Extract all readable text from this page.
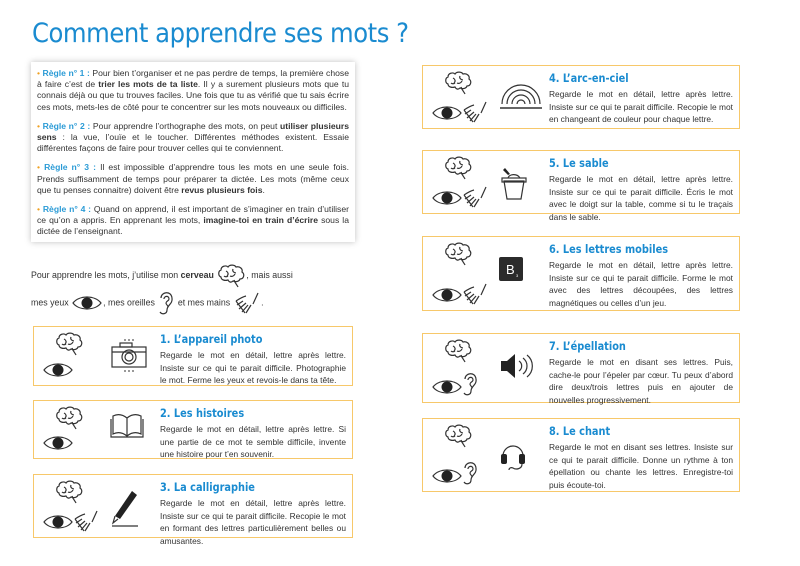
Comment apprendre ses mots ?

• Règle n° 1 : Pour bien t’organiser et ne pas perdre de temps, la première chose à faire c’est de trier les mots de ta liste. Il y a surement plusieurs mots que tu connais déjà ou que tu trouves faciles. Une fois que tu as vérifié que tu sais écrire ces mots, mets-les de côté pour te concentrer sur les mots nouveaux ou difficiles.

• Règle n° 2 : Pour apprendre l’orthographe des mots, on peut utiliser plusieurs sens : la vue, l’ouïe et le toucher. Différentes méthodes existent. Essaie différentes façons de faire pour trouver celles qui te conviennent.

• Règle n° 3 : Il est impossible d’apprendre tous les mots en une seule fois. Prends suffisamment de temps pour préparer ta dictée. Les mots (même ceux que tu penses connaitre) doivent être revus plusieurs fois.

• Règle n° 4 : Quand on apprend, il est important de s’imaginer en train d’utiliser ce qu’on a appris. En apprenant les mots, imagine-toi en train d’écrire sous la dictée de l’enseignant.

Pour apprendre les mots, j’utilise mon cerveau	, mais aussi
mes yeux	, mes oreilles	et mes mains	.
1. L’appareil photo
Regarde le mot en détail, lettre après lettre. Insiste sur ce qui te parait difficile. Photographie le mot. Ferme les yeux et revois-le dans ta tête.
2. Les histoires
Regarde le mot en détail, lettre après lettre. Si une partie de ce mot te semble difficile, invente une histoire pour t’en souvenir.
3. La calligraphie
Regarde le mot en détail, lettre après lettre. Insiste sur ce qui te parait difficile. Recopie le mot en formant des lettres particulièrement belles ou amusantes.
4. L’arc-en-ciel
Regarde le mot en détail, lettre après lettre. Insiste sur ce qui te parait difficile. Recopie le mot en changeant de couleur pour chaque lettre.
5. Le sable
Regarde le mot en détail, lettre après lettre. Insiste sur ce qui te parait difficile. Écris le mot avec le doigt sur la table, comme si tu le traçais dans le sable.
B 3
6. Les lettres mobiles
Regarde le mot en détail, lettre après lettre. Insiste sur ce qui te parait difficile. Forme le mot avec des lettres découpées, des lettres magnétiques ou celles d’un jeu.
7. L’épellation
Regarde le mot en disant ses lettres. Puis, cache-le pour l’épeler par cœur. Tu peux d’abord dire deux/trois lettres puis en ajouter de nouvelles progressivement.
8. Le chant
Regarde le mot en disant ses lettres. Insiste sur ce qui te parait difficile. Donne un rythme à ton épellation ou chante les lettres. Enregistre-toi puis écoute-toi.
